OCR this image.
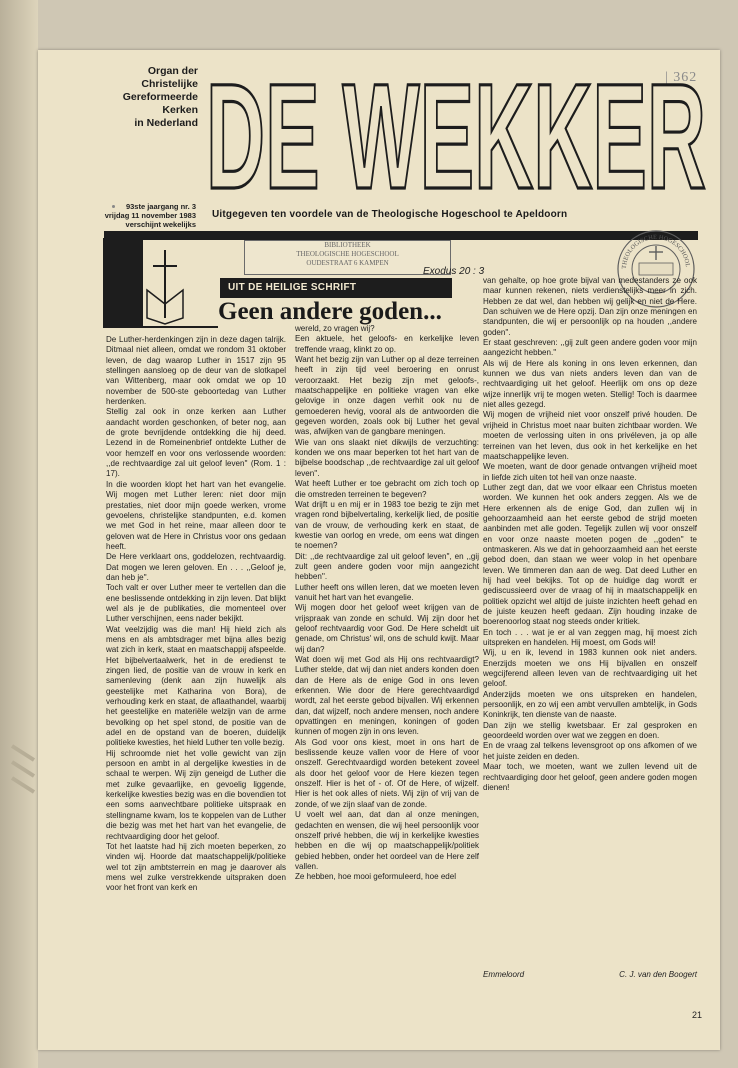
| 362
Organ der
Christelijke
Gereformeerde
Kerken
in Nederland DE WEKKER
93ste jaargang nr. 3
vrijdag 11 november 1983
verschijnt wekelijks
Uitgegeven ten voordele van de Theologische Hogeschool te Apeldoorn
THEOLOGISCHE HOGESCHOOL
BIBLIOTHEEK
THEOLOGISCHE HOGESCHOOL
OUDESTRAAT 6 KAMPEN
UIT DE HEILIGE SCHRIFT
Exodus 20 : 3
Geen andere goden...

De Luther-herdenkingen zijn in deze dagen talrijk. Ditmaal niet alleen, omdat we rondom 31 oktober leven, de dag waarop Luther in 1517 zijn 95 stellingen aansloeg op de deur van de slotkapel van Wittenberg, maar ook omdat we op 10 november de 500-ste geboortedag van Luther herdenken.

Stellig zal ook in onze kerken aan Luther aandacht worden geschonken, of beter nog, aan de grote bevrijdende ontdekking die hij deed. Lezend in de Romeinenbrief ontdekte Luther de voor hemzelf en voor ons verlossende woorden: ,,de rechtvaardige zal uit geloof leven'' (Rom. 1 : 17).

In die woorden klopt het hart van het evangelie. Wij mogen met Luther leren: niet door mijn prestaties, niet door mijn goede werken, vrome gevoelens, christelijke standpunten, e.d. komen we met God in het reine, maar alleen door te geloven wat de Here in Christus voor ons gedaan heeft.

De Here verklaart ons, goddelozen, rechtvaardig. Dat mogen we leren geloven. En . . . ,,Geloof je, dan heb je''.

Toch valt er over Luther meer te vertellen dan die ene beslissende ontdekking in zijn leven. Dat blijkt wel als je de publikaties, die momenteel over Luther verschijnen, eens nader bekijkt.

Wat veelzijdig was die man! Hij hield zich als mens en als ambtsdrager met bijna alles bezig wat zich in kerk, staat en maatschappij afspeelde. Het bijbelvertaalwerk, het in de eredienst te zingen lied, de positie van de vrouw in kerk en samenleving (denk aan zijn huwelijk als geestelijke met Katharina von Bora), de verhouding kerk en staat, de aflaathandel, waarbij het geestelijke en materiële welzijn van de arme bevolking op het spel stond, de positie van de adel en de opstand van de boeren, duidelijk politieke kwesties, het hield Luther ten volle bezig.

Hij schroomde niet het volle gewicht van zijn persoon en ambt in al dergelijke kwesties in de schaal te werpen. Wij zijn geneigd de Luther die met zulke gevaarlijke, en gevoelig liggende, kerkelijke kwesties bezig was en die bovendien tot een soms aanvechtbare politieke uitspraak en stellingname kwam, los te koppelen van de Luther die bezig was met het hart van het evangelie, de rechtvaardiging door het geloof.

Tot het laatste had hij zich moeten beperken, zo vinden wij. Hoorde dat maatschappelijk/politieke wel tot zijn ambtsterrein en mag je daarover als mens wel zulke verstrekkende uitspraken doen voor het front van kerk en

wereld, zo vragen wij?

Een aktuele, het geloofs- en kerkelijke leven treffende vraag, klinkt zo op.

Want het bezig zijn van Luther op al deze terreinen heeft in zijn tijd veel beroering en onrust veroorzaakt. Het bezig zijn met geloofs-, maatschappelijke en politieke vragen van elke gelovige in onze dagen verhit ook nu de gemoederen hevig, vooral als de antwoorden die gegeven worden, zoals ook bij Luther het geval was, afwijken van de gangbare meningen.

Wie van ons slaakt niet dikwijls de verzuchting: konden we ons maar beperken tot het hart van de bijbelse boodschap ,,de rechtvaardige zal uit geloof leven''.

Wat heeft Luther er toe gebracht om zich toch op die omstreden terreinen te begeven?

Wat drijft u en mij er in 1983 toe bezig te zijn met vragen rond bijbelvertaling, kerkelijk lied, de positie van de vrouw, de verhouding kerk en staat, de kwestie van oorlog en vrede, om eens wat dingen te noemen?

Dit: ,,de rechtvaardige zal uit geloof leven'', en ,,gij zult geen andere goden voor mijn aangezicht hebben''.

Luther heeft ons willen leren, dat we moeten leven vanuit het hart van het evangelie.

Wij mogen door het geloof weet krijgen van de vrijspraak van zonde en schuld. Wij zijn door het geloof rechtvaardig voor God. De Here scheldt uit genade, om Christus' wil, ons de schuld kwijt. Maar wij dan?

Wat doen wij met God als Hij ons rechtvaardigt? Luther stelde, dat wij dan niet anders konden doen dan de Here als de enige God in ons leven erkennen. Wie door de Here gerechtvaardigd wordt, zal het eerste gebod bijvallen. Wij erkennen dan, dat wijzelf, noch andere mensen, noch andere opvattingen en meningen, koningen of goden kunnen of mogen zijn in ons leven.

Als God voor ons kiest, moet in ons hart de beslissende keuze vallen voor de Here of voor onszelf. Gerechtvaardigd worden betekent zoveel als door het geloof voor de Here kiezen tegen onszelf. Hier is het of - of. Of de Here, of wijzelf. Hier is het ook alles of niets. Wij zijn of vrij van de zonde, of we zijn slaaf van de zonde.

U voelt wel aan, dat dan al onze meningen, gedachten en wensen, die wij heel persoonlijk voor onszelf privé hebben, die wij in kerkelijke kwesties hebben en die wij op maatschappelijk/politiek gebied hebben, onder het oordeel van de Here zelf vallen.

Ze hebben, hoe mooi geformuleerd, hoe edel

van gehalte, op hoe grote bijval van medestanders ze ook maar kunnen rekenen, niets verdienstelijks meer in zich. Hebben ze dat wel, dan hebben wij gelijk en niet de Here. Dan schuiven we de Here opzij. Dan zijn onze meningen en standpunten, die wij er persoonlijk op na houden ,,andere goden''.

Er staat geschreven: ,,gij zult geen andere goden voor mijn aangezicht hebben.''

Als wij de Here als koning in ons leven erkennen, dan kunnen we dus van niets anders leven dan van de rechtvaardiging uit het geloof. Heerlijk om ons op deze wijze innerlijk vrij te mogen weten. Stellig! Toch is daarmee niet alles gezegd.

Wij mogen de vrijheid niet voor onszelf privé houden. De vrijheid in Christus moet naar buiten zichtbaar worden. We moeten de verlossing uiten in ons privéleven, ja op alle terreinen van het leven, dus ook in het kerkelijke en het maatschappelijke leven.

We moeten, want de door genade ontvangen vrijheid moet in liefde zich uiten tot heil van onze naaste.

Luther zegt dan, dat we voor elkaar een Christus moeten worden. We kunnen het ook anders zeggen. Als we de Here erkennen als de enige God, dan zullen wij in gehoorzaamheid aan het eerste gebod de strijd moeten aanbinden met alle goden. Tegelijk zullen wij voor onszelf en voor onze naaste moeten pogen de ,,goden'' te ontmaskeren. Als we dat in gehoorzaamheid aan het eerste gebod doen, dan staan we weer volop in het openbare leven. We timmeren dan aan de weg. Dat deed Luther en hij had veel bekijks. Tot op de huidige dag wordt er gediscussieerd over de vraag of hij in maatschappelijk en politiek opzicht wel altijd de juiste inzichten heeft gehad en de juiste keuzen heeft gedaan. Zijn houding inzake de boerenoorlog staat nog steeds onder kritiek.

En toch . . . wat je er al van zeggen mag, hij moest zich uitspreken en handelen. Hij moest, om Gods wil!

Wij, u en ik, levend in 1983 kunnen ook niet anders. Enerzijds moeten we ons Hij bijvallen en onszelf wegcijferend alleen leven van de rechtvaardiging uit het geloof.

Anderzijds moeten we ons uitspreken en handelen, persoonlijk, en zo wij een ambt vervullen ambtelijk, in Gods Koninkrijk, ten dienste van de naaste.

Dan zijn we stellig kwetsbaar. Er zal gesproken en geoordeeld worden over wat we zeggen en doen.

En de vraag zal telkens levensgroot op ons afkomen of we het juiste zeiden en deden.

Maar toch, we moeten, want we zullen levend uit de rechtvaardiging door het geloof, geen andere goden mogen dienen!

Emmeloord	C. J. van den Boogert
21
